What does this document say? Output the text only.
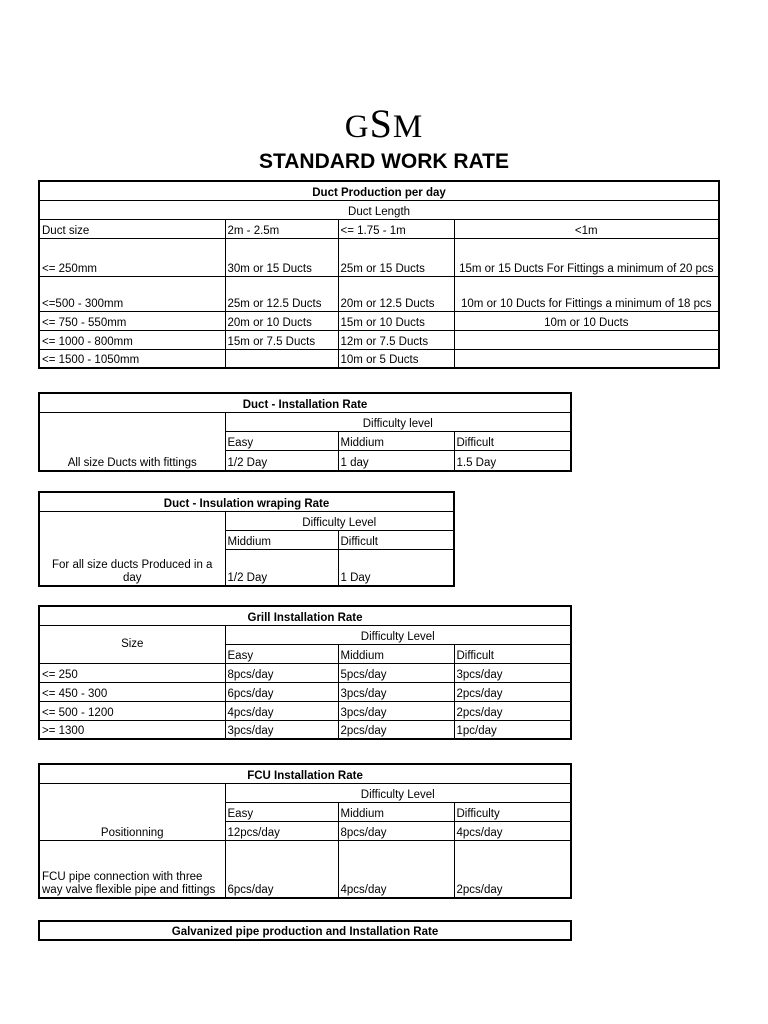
GSM
STANDARD WORK RATE
Duct Production per day			
Duct Length			
Duct size	2m - 2.5m	<= 1.75 - 1m	<1m
<= 250mm	30m or 15 Ducts	25m or 15 Ducts	15m or 15 Ducts For Fittings a minimum of 20 pcs
<=500 - 300mm	25m or 12.5 Ducts	20m or 12.5 Ducts	10m or 10 Ducts for Fittings a minimum of 18 pcs
<= 750 - 550mm	20m or 10 Ducts	15m or 10 Ducts	10m or 10 Ducts
<= 1000 - 800mm	15m or 7.5 Ducts	12m or 7.5 Ducts	
<= 1500 - 1050mm		10m or 5 Ducts	
Duct - Installation Rate			
All size Ducts with fittings	Difficulty level		
	Easy	Middium	Difficult
	1/2 Day	1 day	1.5 Day
Duct - Insulation wraping Rate		
For all size ducts Produced in a day	Difficulty Level	
	Middium	Difficult
	1/2 Day	1 Day
Grill Installation Rate			
Size	Difficulty Level		
	Easy	Middium	Difficult
<= 250	8pcs/day	5pcs/day	3pcs/day
<= 450 - 300	6pcs/day	3pcs/day	2pcs/day
<= 500 - 1200	4pcs/day	3pcs/day	2pcs/day
>= 1300	3pcs/day	2pcs/day	1pc/day
FCU Installation Rate			
Positionning	Difficulty Level		
	Easy	Middium	Difficulty
	12pcs/day	8pcs/day	4pcs/day
FCU pipe connection with three way valve flexible pipe and fittings	6pcs/day	4pcs/day	2pcs/day
Galvanized pipe production and Installation Rate
